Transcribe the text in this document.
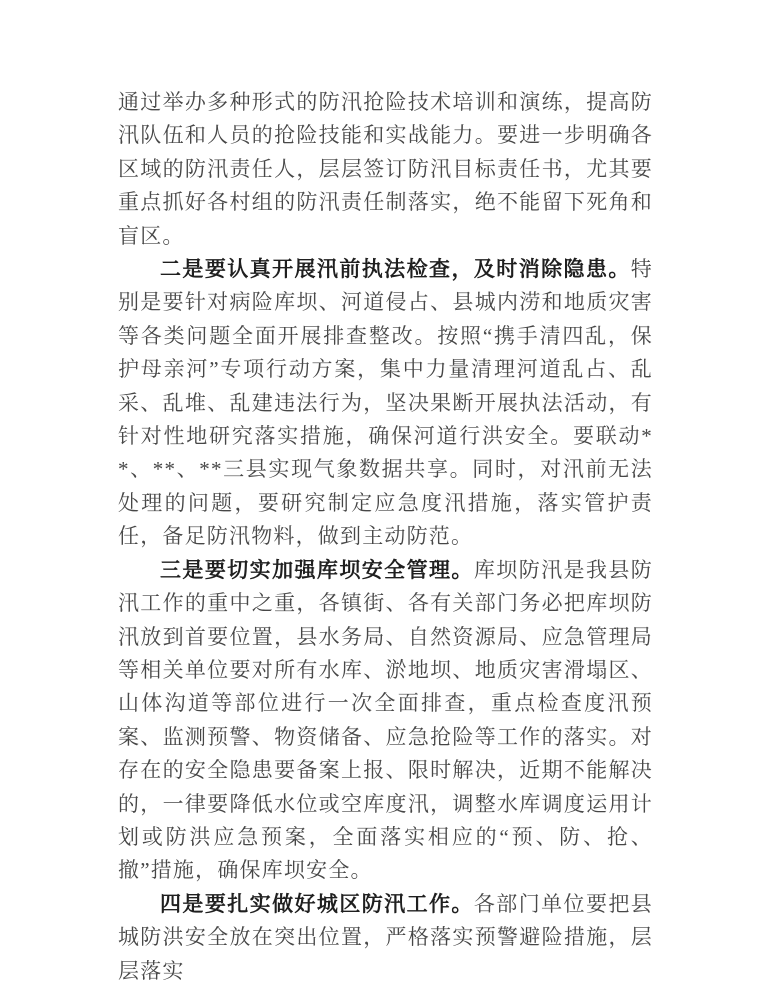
通过举办多种形式的防汛抢险技术培训和演练，提高防汛队伍和人员的抢险技能和实战能力。要进一步明确各区域的防汛责任人，层层签订防汛目标责任书，尤其要重点抓好各村组的防汛责任制落实，绝不能留下死角和盲区。

二是要认真开展汛前执法检查，及时消除隐患。特别是要针对病险库坝、河道侵占、县城内涝和地质灾害等各类问题全面开展排查整改。按照“携手清四乱，保护母亲河”专项行动方案，集中力量清理河道乱占、乱采、乱堆、乱建违法行为，坚决果断开展执法活动，有针对性地研究落实措施，确保河道行洪安全。要联动**、**、**三县实现气象数据共享。同时，对汛前无法处理的问题，要研究制定应急度汛措施，落实管护责任，备足防汛物料，做到主动防范。

三是要切实加强库坝安全管理。库坝防汛是我县防汛工作的重中之重，各镇街、各有关部门务必把库坝防汛放到首要位置，县水务局、自然资源局、应急管理局等相关单位要对所有水库、淤地坝、地质灾害滑塌区、山体沟道等部位进行一次全面排查，重点检查度汛预案、监测预警、物资储备、应急抢险等工作的落实。对存在的安全隐患要备案上报、限时解决，近期不能解决的，一律要降低水位或空库度汛，调整水库调度运用计划或防洪应急预案，全面落实相应的“预、防、抢、撤”措施，确保库坝安全。

四是要扎实做好城区防汛工作。各部门单位要把县城防洪安全放在突出位置，严格落实预警避险措施，层层落实
